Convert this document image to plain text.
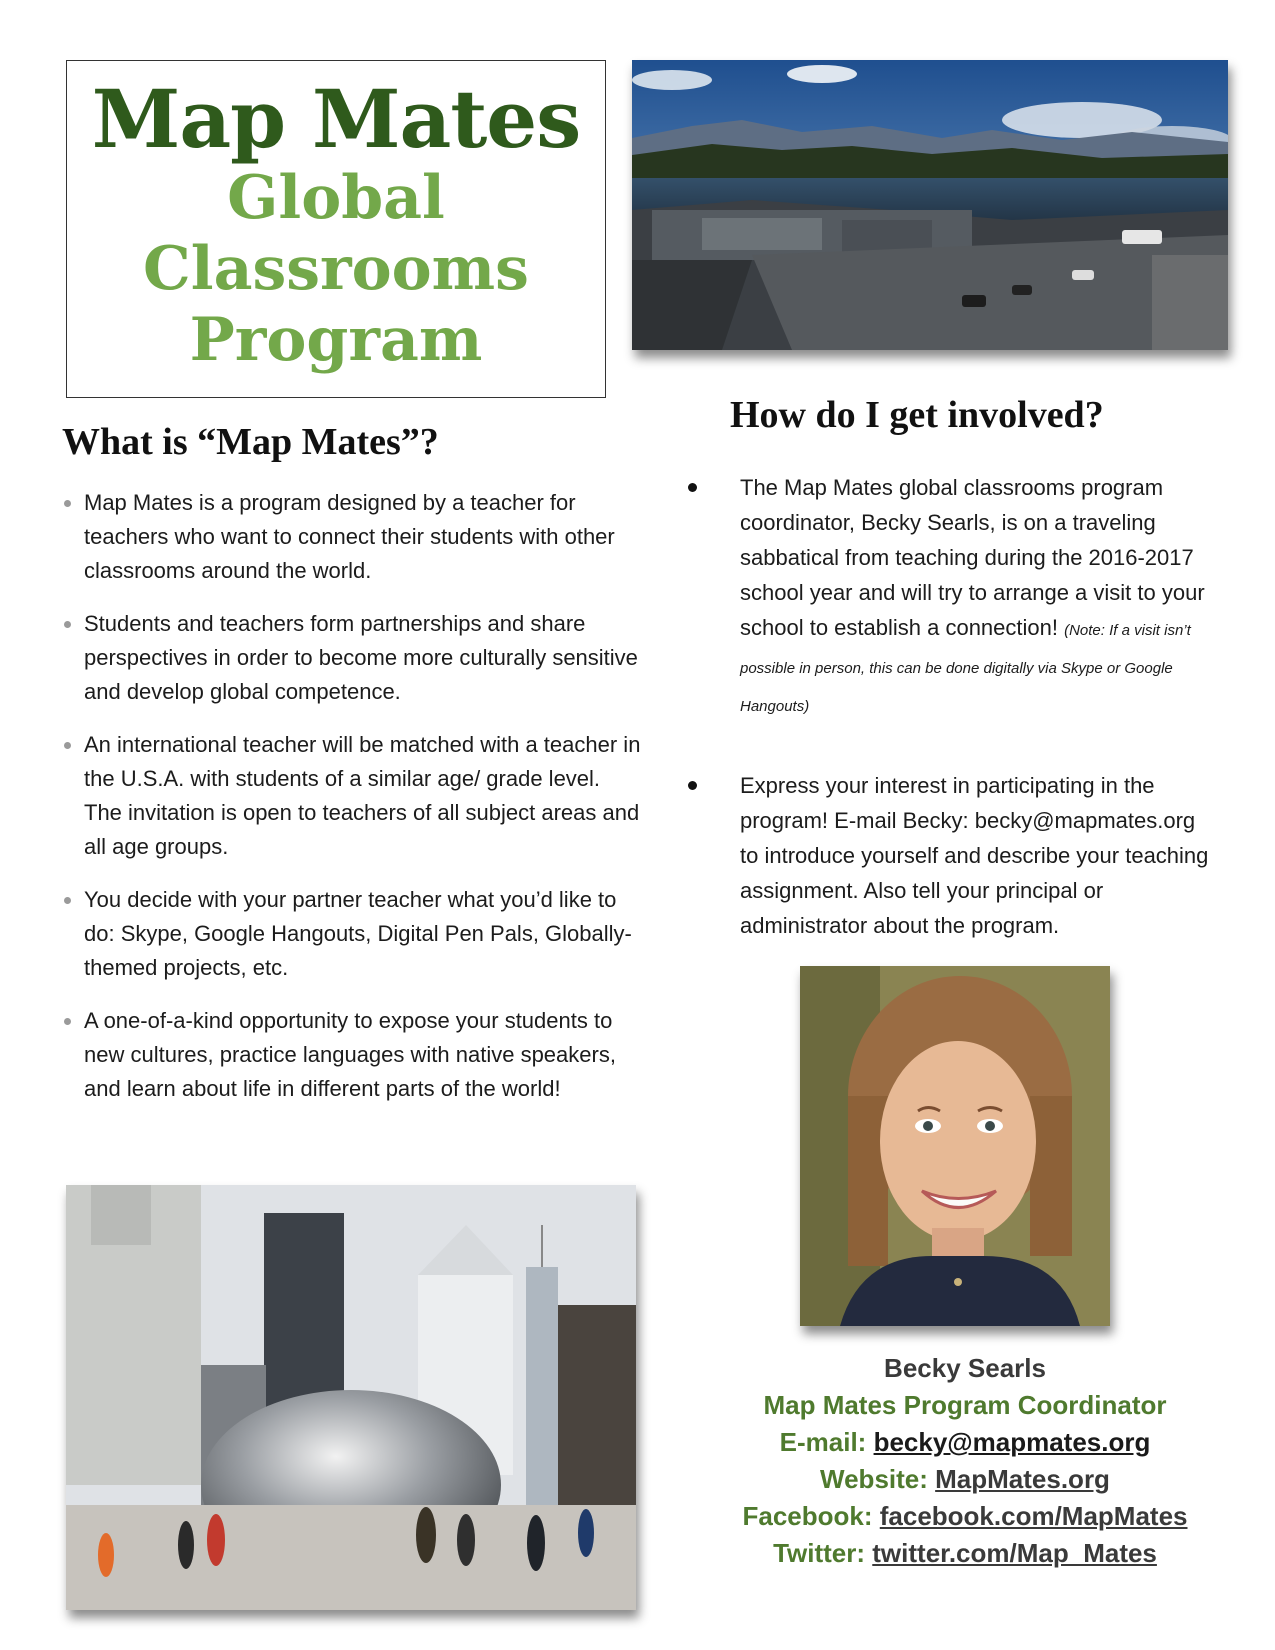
Map Mates
Global
Classrooms
Program
What is “Map Mates”?
Map Mates is a program designed by a teacher for teachers who want to connect their students with other classrooms around the world.
Students and teachers form partnerships and share perspectives in order to become more culturally sensitive and develop global competence.
An international teacher will be matched with a teacher in the U.S.A. with students of a similar age/ grade level. The invitation is open to teachers of all subject areas and all age groups.
You decide with your partner teacher what you’d like to do: Skype, Google Hangouts, Digital Pen Pals, Globally-themed projects, etc.
A one-of-a-kind opportunity to expose your students to new cultures, practice languages with native speakers, and learn about life in different parts of the world!
How do I get involved?
The Map Mates global classrooms program coordinator, Becky Searls, is on a traveling sabbatical from teaching during the 2016-2017 school year and will try to arrange a visit to your school to establish a connection! (Note: If a visit isn’t possible in person, this can be done digitally via Skype or Google Hangouts)
Express your interest in participating in the program! E-mail Becky: becky@mapmates.org to introduce yourself and describe your teaching assignment. Also tell your principal or administrator about the program.
Becky Searls
Map Mates Program Coordinator
E-mail: becky@mapmates.org
Website: MapMates.org
Facebook: facebook.com/MapMates
Twitter: twitter.com/Map_Mates
